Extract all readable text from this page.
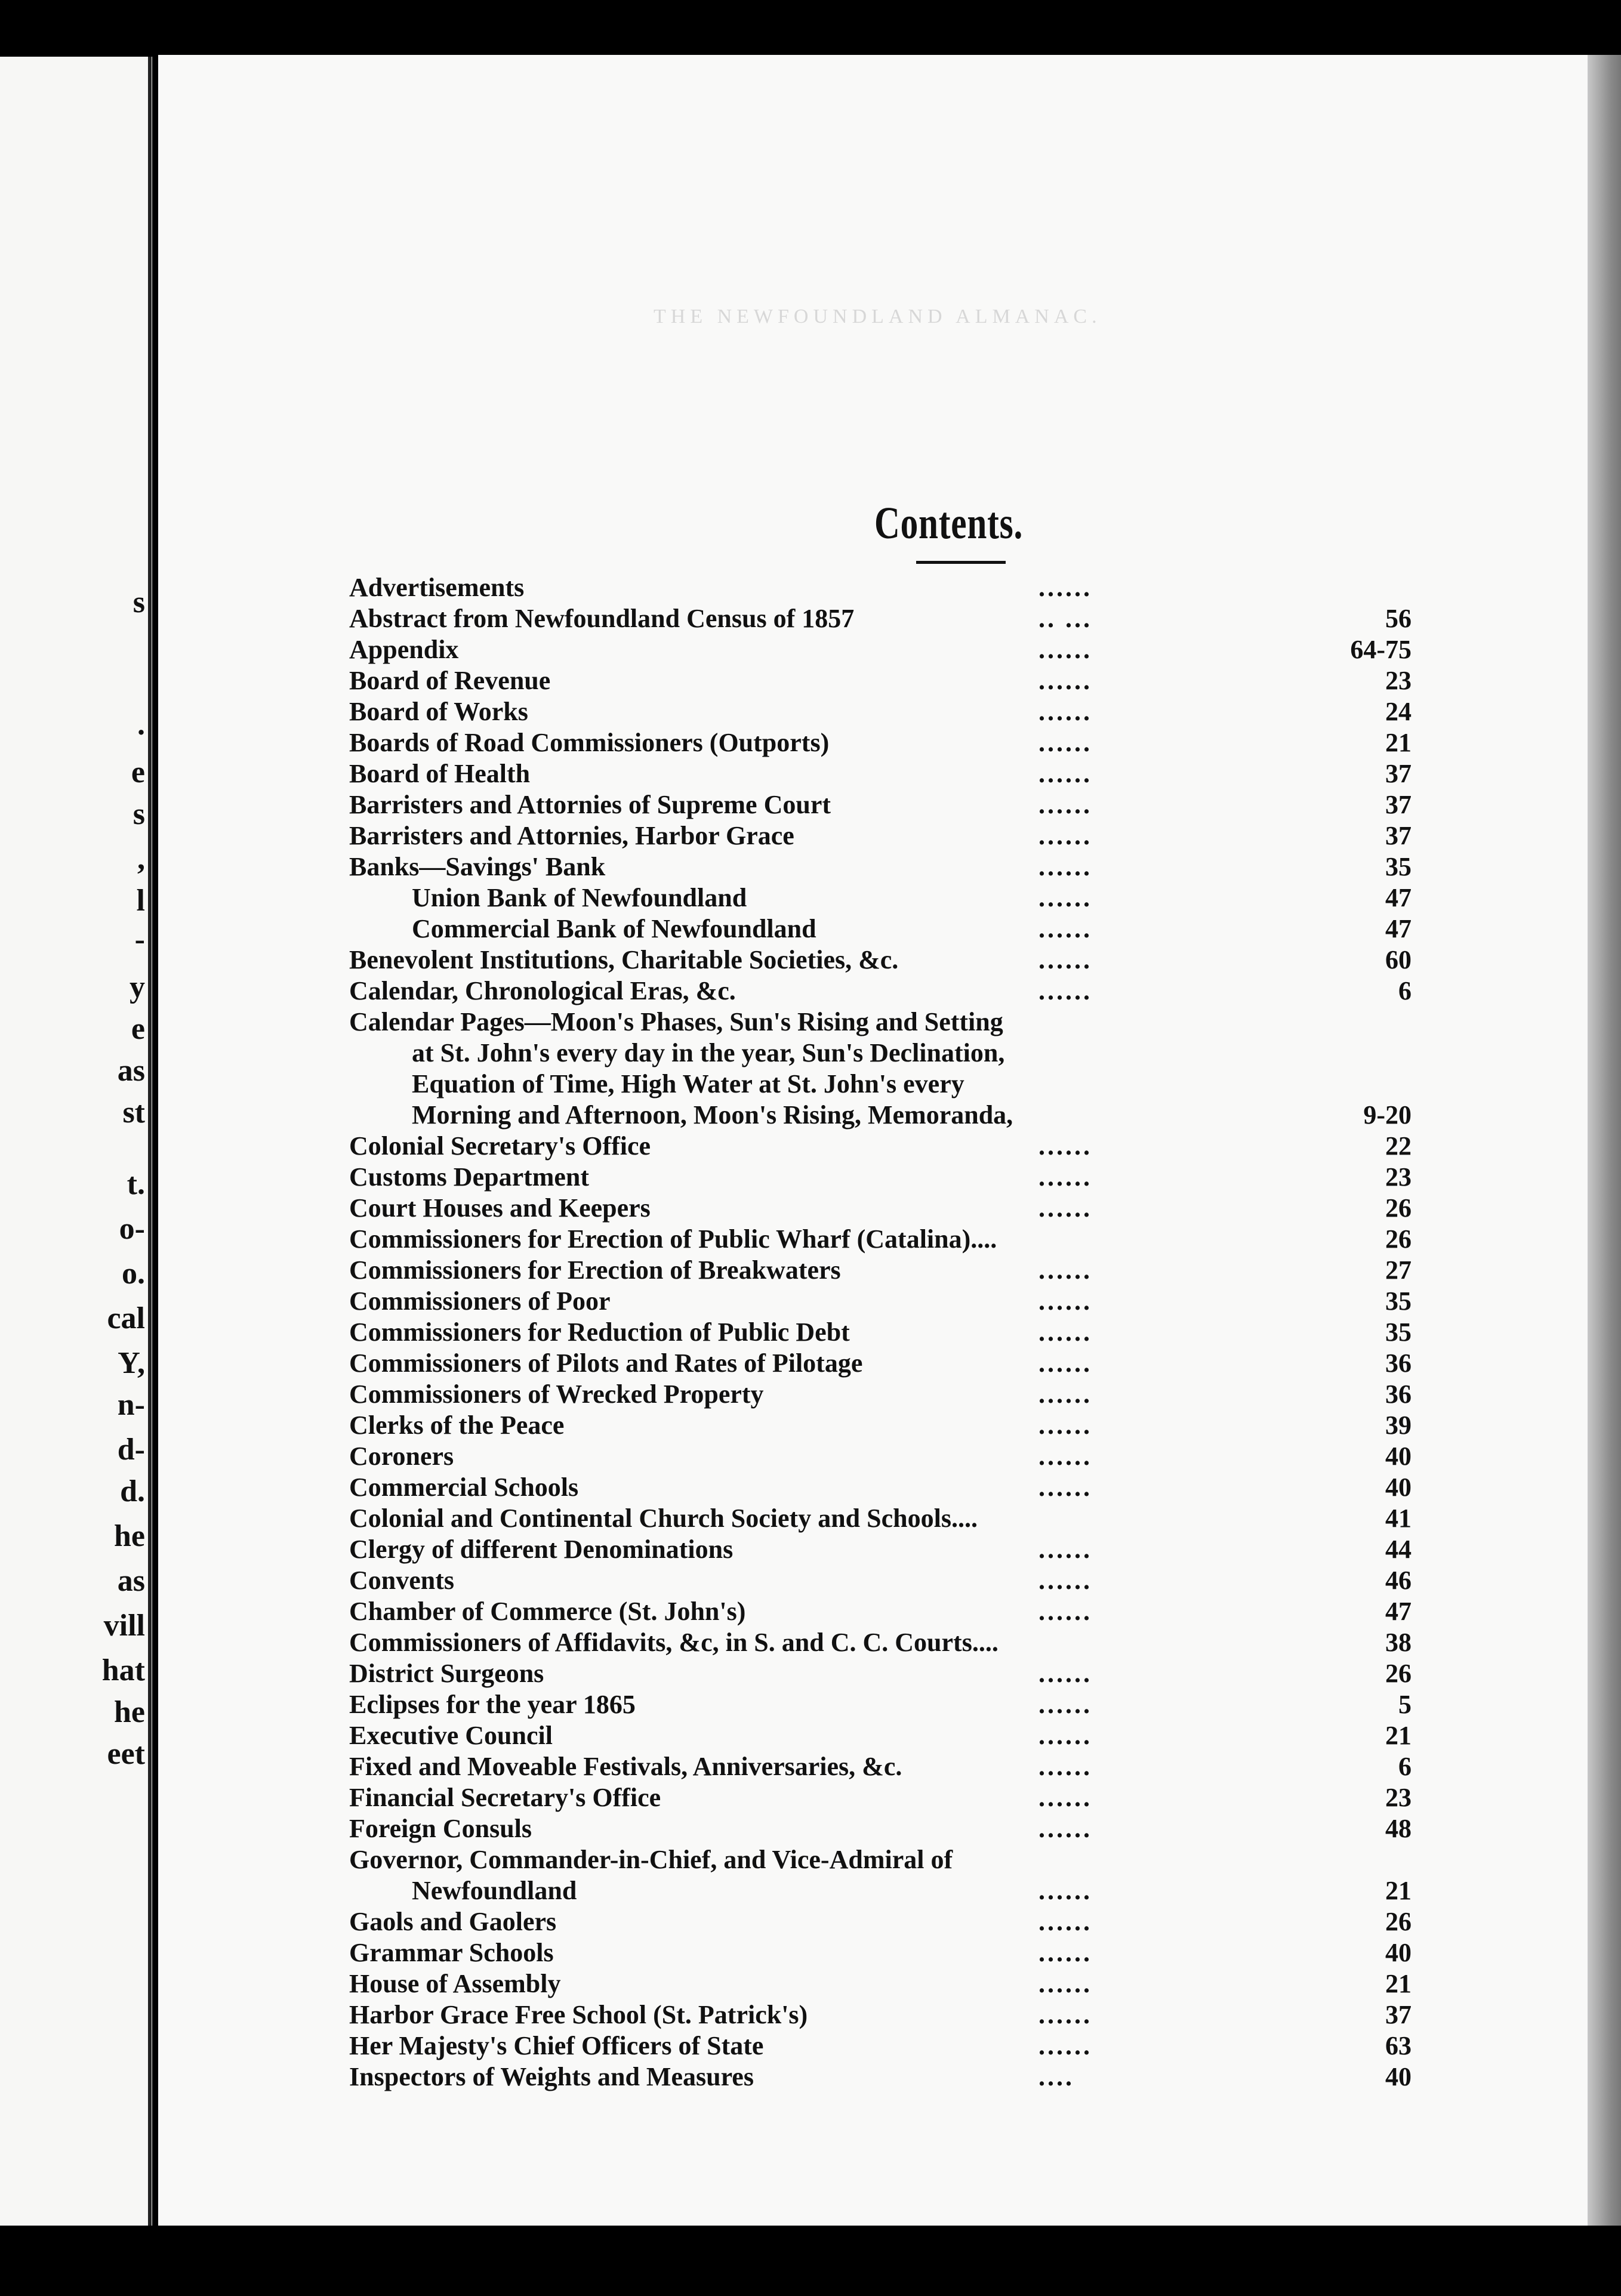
s
.
e
s
,
l
-
y
e
as
st
t.
o-
o.
cal
Y,
n-
d-
d.
he
as
vill
hat
he
eet
THE NEWFOUNDLAND ALMANAC.
Contents.
Advertisements	......
Abstract from Newfoundland Census of 1857	.. ...	56
Appendix	......	64-75
Board of Revenue	......	23
Board of Works	......	24
Boards of Road Commissioners (Outports)	......	21
Board of Health	......	37
Barristers and Attornies of Supreme Court	......	37
Barristers and Attornies, Harbor Grace	......	37
Banks—Savings' Bank	......	35
Union Bank of Newfoundland	......	47
Commercial Bank of Newfoundland	......	47
Benevolent Institutions, Charitable Societies, &c.	......	60
Calendar, Chronological Eras, &c.	......	6
Calendar Pages—Moon's Phases, Sun's Rising and Setting
at St. John's every day in the year, Sun's Declination,
Equation of Time, High Water at St. John's every
Morning and Afternoon, Moon's Rising, Memoranda,	9-20
Colonial Secretary's Office	......	22
Customs Department	......	23
Court Houses and Keepers	......	26
Commissioners for Erection of Public Wharf (Catalina)....	26
Commissioners for Erection of Breakwaters	......	27
Commissioners of Poor	......	35
Commissioners for Reduction of Public Debt	......	35
Commissioners of Pilots and Rates of Pilotage	......	36
Commissioners of Wrecked Property	......	36
Clerks of the Peace	......	39
Coroners	......	40
Commercial Schools	......	40
Colonial and Continental Church Society and Schools....	41
Clergy of different Denominations	......	44
Convents	......	46
Chamber of Commerce (St. John's)	......	47
Commissioners of Affidavits, &c, in S. and C. C. Courts....	38
District Surgeons	......	26
Eclipses for the year 1865	......	5
Executive Council	......	21
Fixed and Moveable Festivals, Anniversaries, &c.	......	6
Financial Secretary's Office	......	23
Foreign Consuls	......	48
Governor, Commander-in-Chief, and Vice-Admiral of
Newfoundland	......	21
Gaols and Gaolers	......	26
Grammar Schools	......	40
House of Assembly	......	21
Harbor Grace Free School (St. Patrick's)	......	37
Her Majesty's Chief Officers of State	......	63
Inspectors of Weights and Measures	....	40
